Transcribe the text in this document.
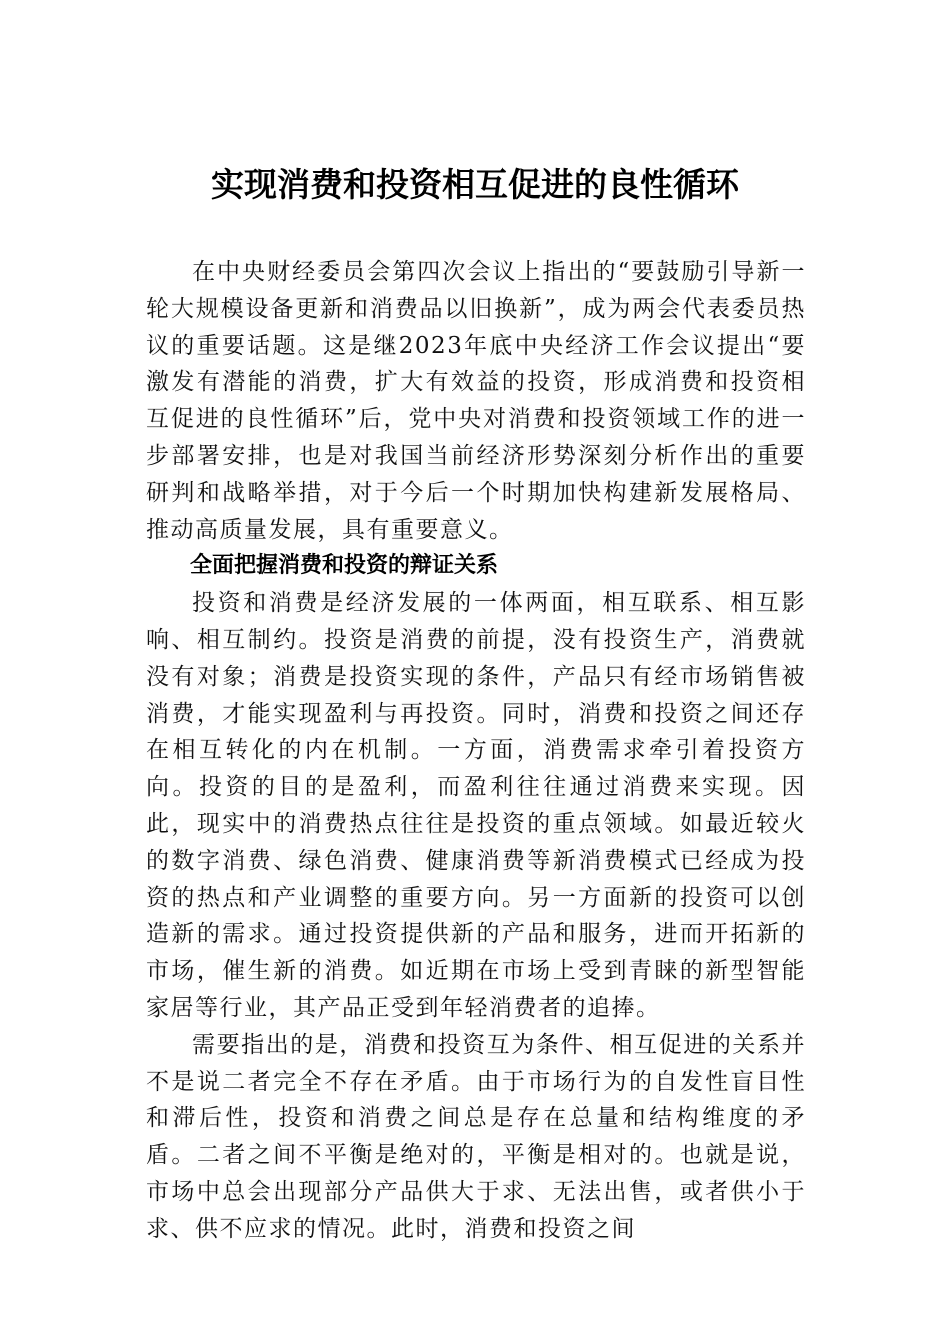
实现消费和投资相互促进的良性循环

在中央财经委员会第四次会议上指出的“要鼓励引导新一轮大规模设备更新和消费品以旧换新”，成为两会代表委员热议的重要话题。这是继2023年底中央经济工作会议提出“要激发有潜能的消费，扩大有效益的投资，形成消费和投资相互促进的良性循环”后，党中央对消费和投资领域工作的进一步部署安排，也是对我国当前经济形势深刻分析作出的重要研判和战略举措，对于今后一个时期加快构建新发展格局、推动高质量发展，具有重要意义。

全面把握消费和投资的辩证关系

投资和消费是经济发展的一体两面，相互联系、相互影响、相互制约。投资是消费的前提，没有投资生产，消费就没有对象；消费是投资实现的条件，产品只有经市场销售被消费，才能实现盈利与再投资。同时，消费和投资之间还存在相互转化的内在机制。一方面，消费需求牵引着投资方向。投资的目的是盈利，而盈利往往通过消费来实现。因此，现实中的消费热点往往是投资的重点领域。如最近较火的数字消费、绿色消费、健康消费等新消费模式已经成为投资的热点和产业调整的重要方向。另一方面新的投资可以创造新的需求。通过投资提供新的产品和服务，进而开拓新的市场，催生新的消费。如近期在市场上受到青睐的新型智能家居等行业，其产品正受到年轻消费者的追捧。

需要指出的是，消费和投资互为条件、相互促进的关系并不是说二者完全不存在矛盾。由于市场行为的自发性盲目性和滞后性，投资和消费之间总是存在总量和结构维度的矛盾。二者之间不平衡是绝对的，平衡是相对的。也就是说，市场中总会出现部分产品供大于求、无法出售，或者供小于求、供不应求的情况。此时，消费和投资之间
